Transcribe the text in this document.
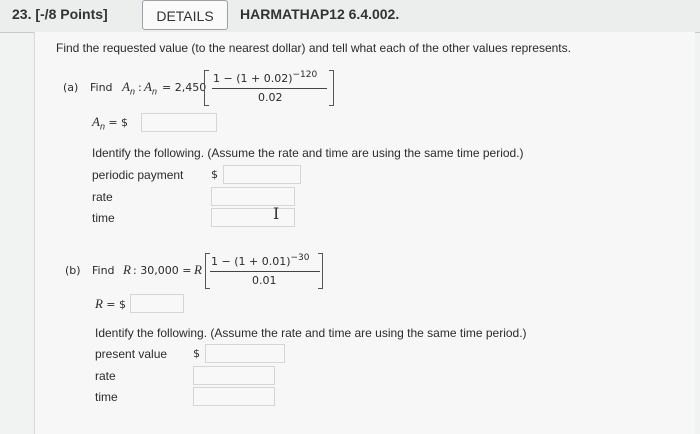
23. [-/8 Points]	DETAILS	HARMATHAP12 6.4.002.
Find the requested value (to the nearest dollar) and tell what each of the other values represents.
(a) Find $A_n$ : $A_n = 2,450$
$1 - (1 + 0.02)^{-120}$
0.02
$A_n$ = $
Identify the following. (Assume the rate and time are using the same time period.)
periodic payment	$
rate
time	I
(b) Find R : 30,000 = R
$1 - (1 + 0.01)^{-30}$
0.01
R = $
Identify the following. (Assume the rate and time are using the same time period.)
present value $
rate
time
